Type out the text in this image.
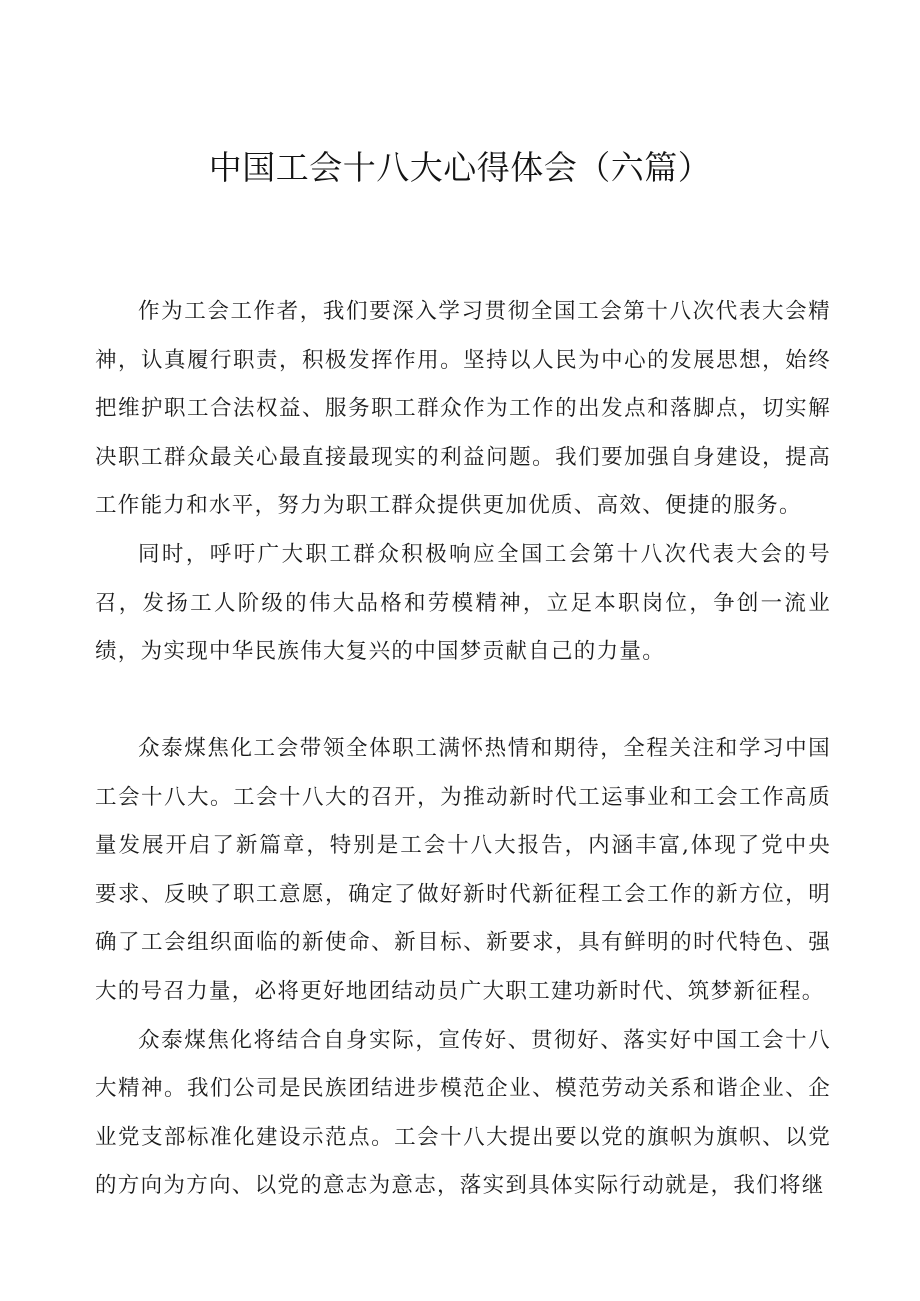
中国工会十八大心得体会（六篇）

作为工会工作者，我们要深入学习贯彻全国工会第十八次代表大会精神，认真履行职责，积极发挥作用。坚持以人民为中心的发展思想，始终把维护职工合法权益、服务职工群众作为工作的出发点和落脚点，切实解决职工群众最关心最直接最现实的利益问题。我们要加强自身建设，提高工作能力和水平，努力为职工群众提供更加优质、高效、便捷的服务。

同时，呼吁广大职工群众积极响应全国工会第十八次代表大会的号召，发扬工人阶级的伟大品格和劳模精神，立足本职岗位，争创一流业绩，为实现中华民族伟大复兴的中国梦贡献自己的力量。

众泰煤焦化工会带领全体职工满怀热情和期待，全程关注和学习中国工会十八大。工会十八大的召开，为推动新时代工运事业和工会工作高质量发展开启了新篇章，特别是工会十八大报告，内涵丰富,体现了党中央要求、反映了职工意愿，确定了做好新时代新征程工会工作的新方位，明确了工会组织面临的新使命、新目标、新要求，具有鲜明的时代特色、强大的号召力量，必将更好地团结动员广大职工建功新时代、筑梦新征程。

众泰煤焦化将结合自身实际，宣传好、贯彻好、落实好中国工会十八大精神。我们公司是民族团结进步模范企业、模范劳动关系和谐企业、企业党支部标准化建设示范点。工会十八大提出要以党的旗帜为旗帜、以党的方向为方向、以党的意志为意志，落实到具体实际行动就是，我们将继
